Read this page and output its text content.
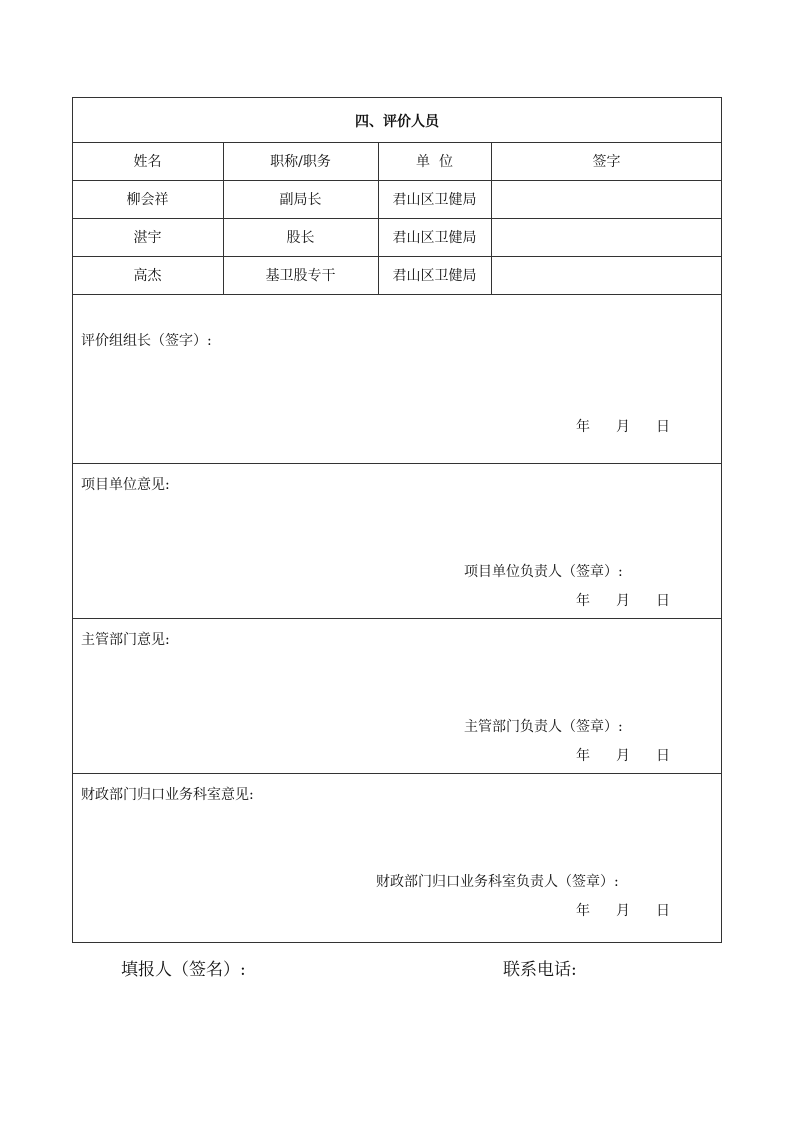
四、评价人员
姓名	职称/职务	单  位	签字
柳会祥	副局长	君山区卫健局
湛宇	股长	君山区卫健局
高杰	基卫股专干	君山区卫健局
评价组组长（签字）:
年 月 日
项目单位意见:
项目单位负责人（签章）:
年 月 日
主管部门意见:
主管部门负责人（签章）:
年 月 日
财政部门归口业务科室意见:
财政部门归口业务科室负责人（签章）:
年 月 日
填报人（签名）:	联系电话:
